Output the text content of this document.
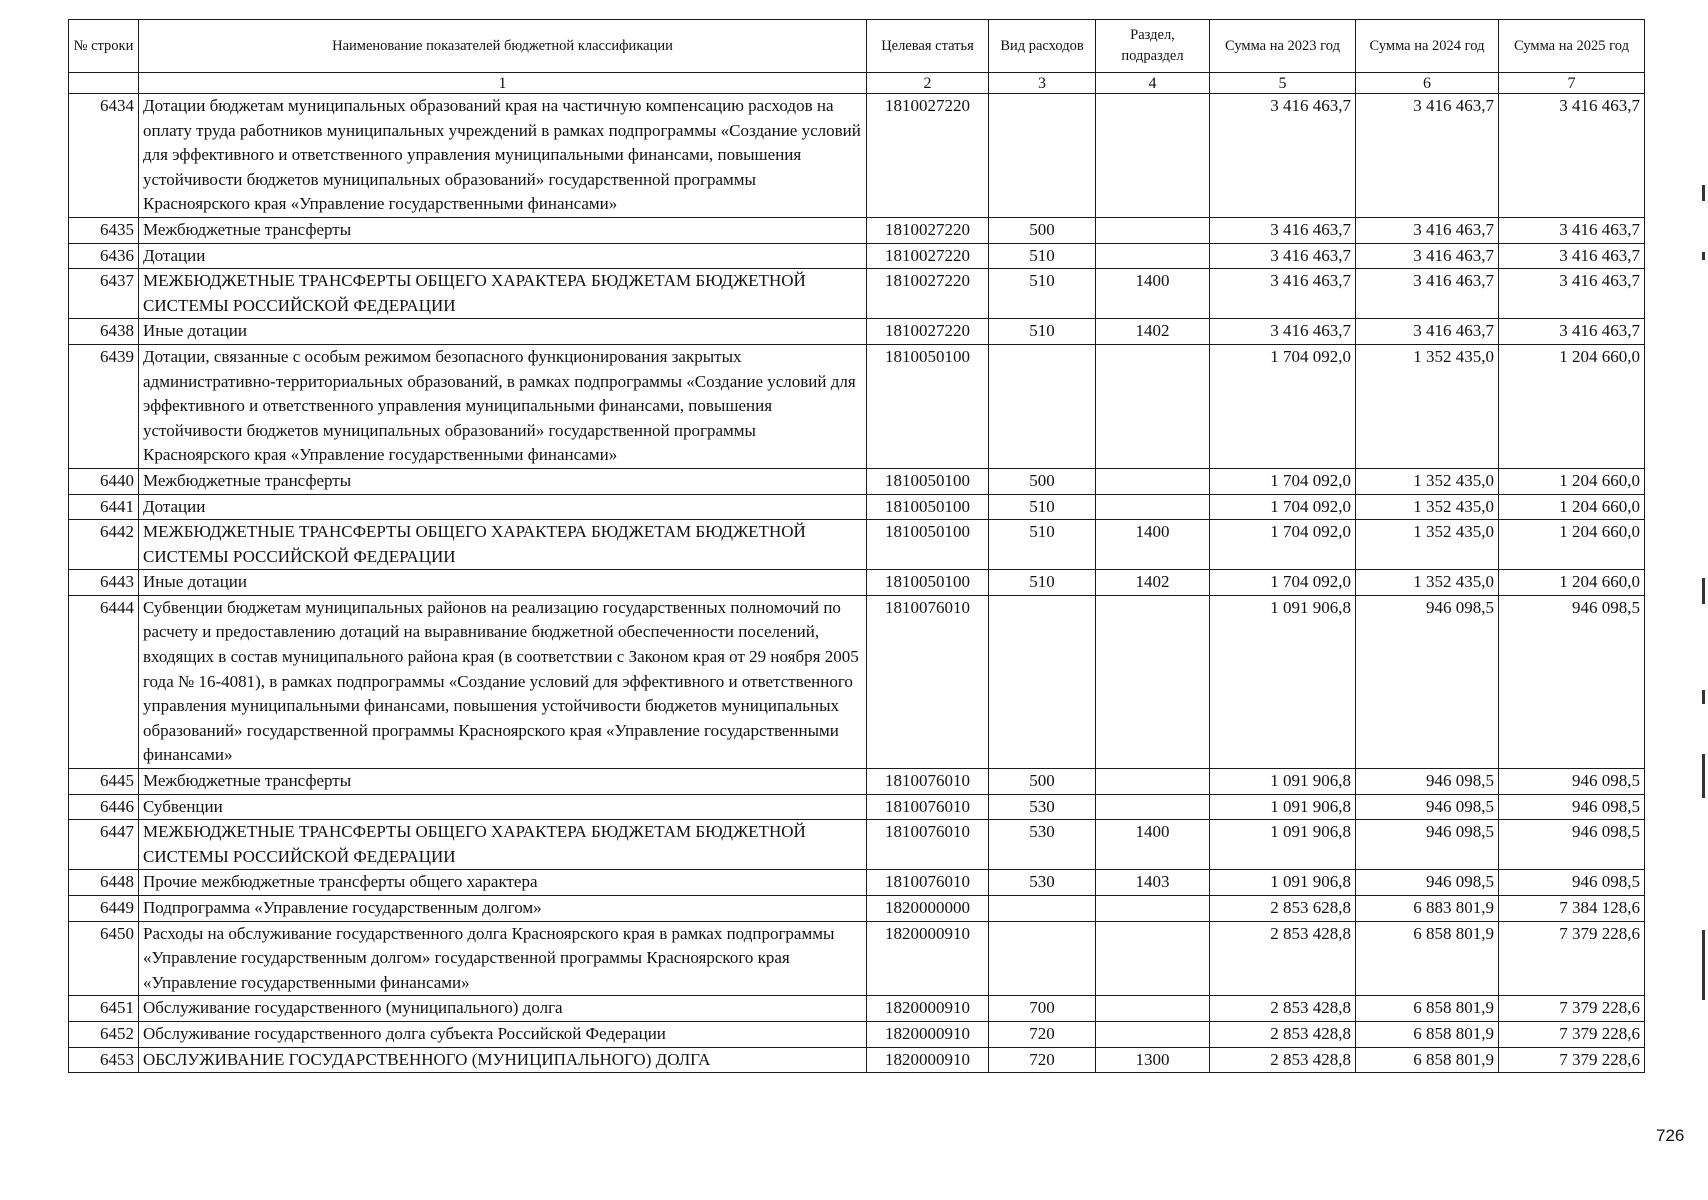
№ строки	Наименование показателей бюджетной классификации	Целевая статья	Вид расходов	Раздел, подраздел	Сумма на 2023 год	Сумма на 2024 год	Сумма на 2025 год
	1	2	3	4	5	6	7
6434	Дотации бюджетам муниципальных образований края на частичную компенсацию расходов на оплату труда работников муниципальных учреждений в рамках подпрограммы «Создание условий для эффективного и ответственного управления муниципальными финансами, повышения устойчивости бюджетов муниципальных образований» государственной программы Красноярского края «Управление государственными финансами»	1810027220			3 416 463,7	3 416 463,7	3 416 463,7
6435	Межбюджетные трансферты	1810027220	500		3 416 463,7	3 416 463,7	3 416 463,7
6436	Дотации	1810027220	510		3 416 463,7	3 416 463,7	3 416 463,7
6437	МЕЖБЮДЖЕТНЫЕ ТРАНСФЕРТЫ ОБЩЕГО ХАРАКТЕРА БЮДЖЕТАМ БЮДЖЕТНОЙ СИСТЕМЫ РОССИЙСКОЙ ФЕДЕРАЦИИ	1810027220	510	1400	3 416 463,7	3 416 463,7	3 416 463,7
6438	Иные дотации	1810027220	510	1402	3 416 463,7	3 416 463,7	3 416 463,7
6439	Дотации, связанные с особым режимом безопасного функционирования закрытых административно-территориальных образований, в рамках подпрограммы «Создание условий для эффективного и ответственного управления муниципальными финансами, повышения устойчивости бюджетов муниципальных образований» государственной программы Красноярского края «Управление государственными финансами»	1810050100			1 704 092,0	1 352 435,0	1 204 660,0
6440	Межбюджетные трансферты	1810050100	500		1 704 092,0	1 352 435,0	1 204 660,0
6441	Дотации	1810050100	510		1 704 092,0	1 352 435,0	1 204 660,0
6442	МЕЖБЮДЖЕТНЫЕ ТРАНСФЕРТЫ ОБЩЕГО ХАРАКТЕРА БЮДЖЕТАМ БЮДЖЕТНОЙ СИСТЕМЫ РОССИЙСКОЙ ФЕДЕРАЦИИ	1810050100	510	1400	1 704 092,0	1 352 435,0	1 204 660,0
6443	Иные дотации	1810050100	510	1402	1 704 092,0	1 352 435,0	1 204 660,0
6444	Субвенции бюджетам муниципальных районов на реализацию государственных полномочий по расчету и предоставлению дотаций на выравнивание бюджетной обеспеченности поселений, входящих в состав муниципального района края (в соответствии с Законом края от 29 ноября 2005 года № 16-4081), в рамках подпрограммы «Создание условий для эффективного и ответственного управления муниципальными финансами, повышения устойчивости бюджетов муниципальных образований» государственной программы Красноярского края «Управление государственными финансами»	1810076010			1 091 906,8	946 098,5	946 098,5
6445	Межбюджетные трансферты	1810076010	500		1 091 906,8	946 098,5	946 098,5
6446	Субвенции	1810076010	530		1 091 906,8	946 098,5	946 098,5
6447	МЕЖБЮДЖЕТНЫЕ ТРАНСФЕРТЫ ОБЩЕГО ХАРАКТЕРА БЮДЖЕТАМ БЮДЖЕТНОЙ СИСТЕМЫ РОССИЙСКОЙ ФЕДЕРАЦИИ	1810076010	530	1400	1 091 906,8	946 098,5	946 098,5
6448	Прочие межбюджетные трансферты общего характера	1810076010	530	1403	1 091 906,8	946 098,5	946 098,5
6449	Подпрограмма «Управление государственным долгом»	1820000000			2 853 628,8	6 883 801,9	7 384 128,6
6450	Расходы на обслуживание государственного долга Красноярского края в рамках подпрограммы «Управление государственным долгом» государственной программы Красноярского края «Управление государственными финансами»	1820000910			2 853 428,8	6 858 801,9	7 379 228,6
6451	Обслуживание государственного (муниципального) долга	1820000910	700		2 853 428,8	6 858 801,9	7 379 228,6
6452	Обслуживание государственного долга субъекта Российской Федерации	1820000910	720		2 853 428,8	6 858 801,9	7 379 228,6
6453	ОБСЛУЖИВАНИЕ ГОСУДАРСТВЕННОГО (МУНИЦИПАЛЬНОГО) ДОЛГА	1820000910	720	1300	2 853 428,8	6 858 801,9	7 379 228,6
726
